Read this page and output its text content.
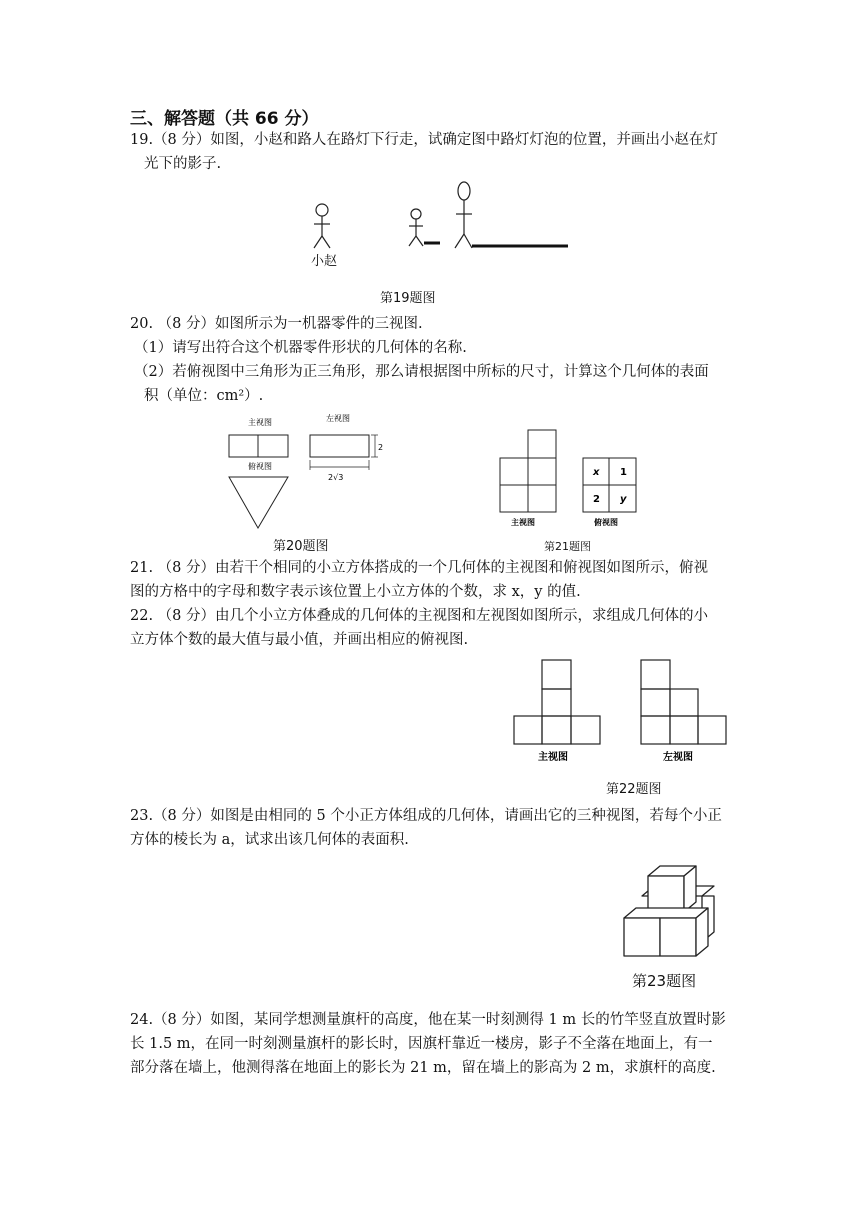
三、解答题（共 66 分）
19.（8 分）如图，小赵和路人在路灯下行走，试确定图中路灯灯泡的位置，并画出小赵在灯
光下的影子.
小赵
第19题图
20. （8 分）如图所示为一机器零件的三视图.
（1）请写出符合这个机器零件形状的几何体的名称.
（2）若俯视图中三角形为正三角形，那么请根据图中所标的尺寸，计算这个几何体的表面
积（单位：cm²）.
主视图	左视图
2
2√3
俯视图
第20题图
主视图
x 1
2 y
俯视图
第21题图
21. （8 分）由若干个相同的小立方体搭成的一个几何体的主视图和俯视图如图所示，俯视
图的方格中的字母和数字表示该位置上小立方体的个数，求 x，y 的值.
22. （8 分）由几个小立方体叠成的几何体的主视图和左视图如图所示，求组成几何体的小
立方体个数的最大值与最小值，并画出相应的俯视图.
主视图	左视图
第22题图
23.（8 分）如图是由相同的 5 个小正方体组成的几何体，请画出它的三种视图，若每个小正
方体的棱长为 a，试求出该几何体的表面积.
第23题图
24.（8 分）如图，某同学想测量旗杆的高度，他在某一时刻测得 1 m 长的竹竿竖直放置时影
长 1.5 m，在同一时刻测量旗杆的影长时，因旗杆靠近一楼房，影子不全落在地面上，有一
部分落在墙上，他测得落在地面上的影长为 21 m，留在墙上的影高为 2 m，求旗杆的高度.
